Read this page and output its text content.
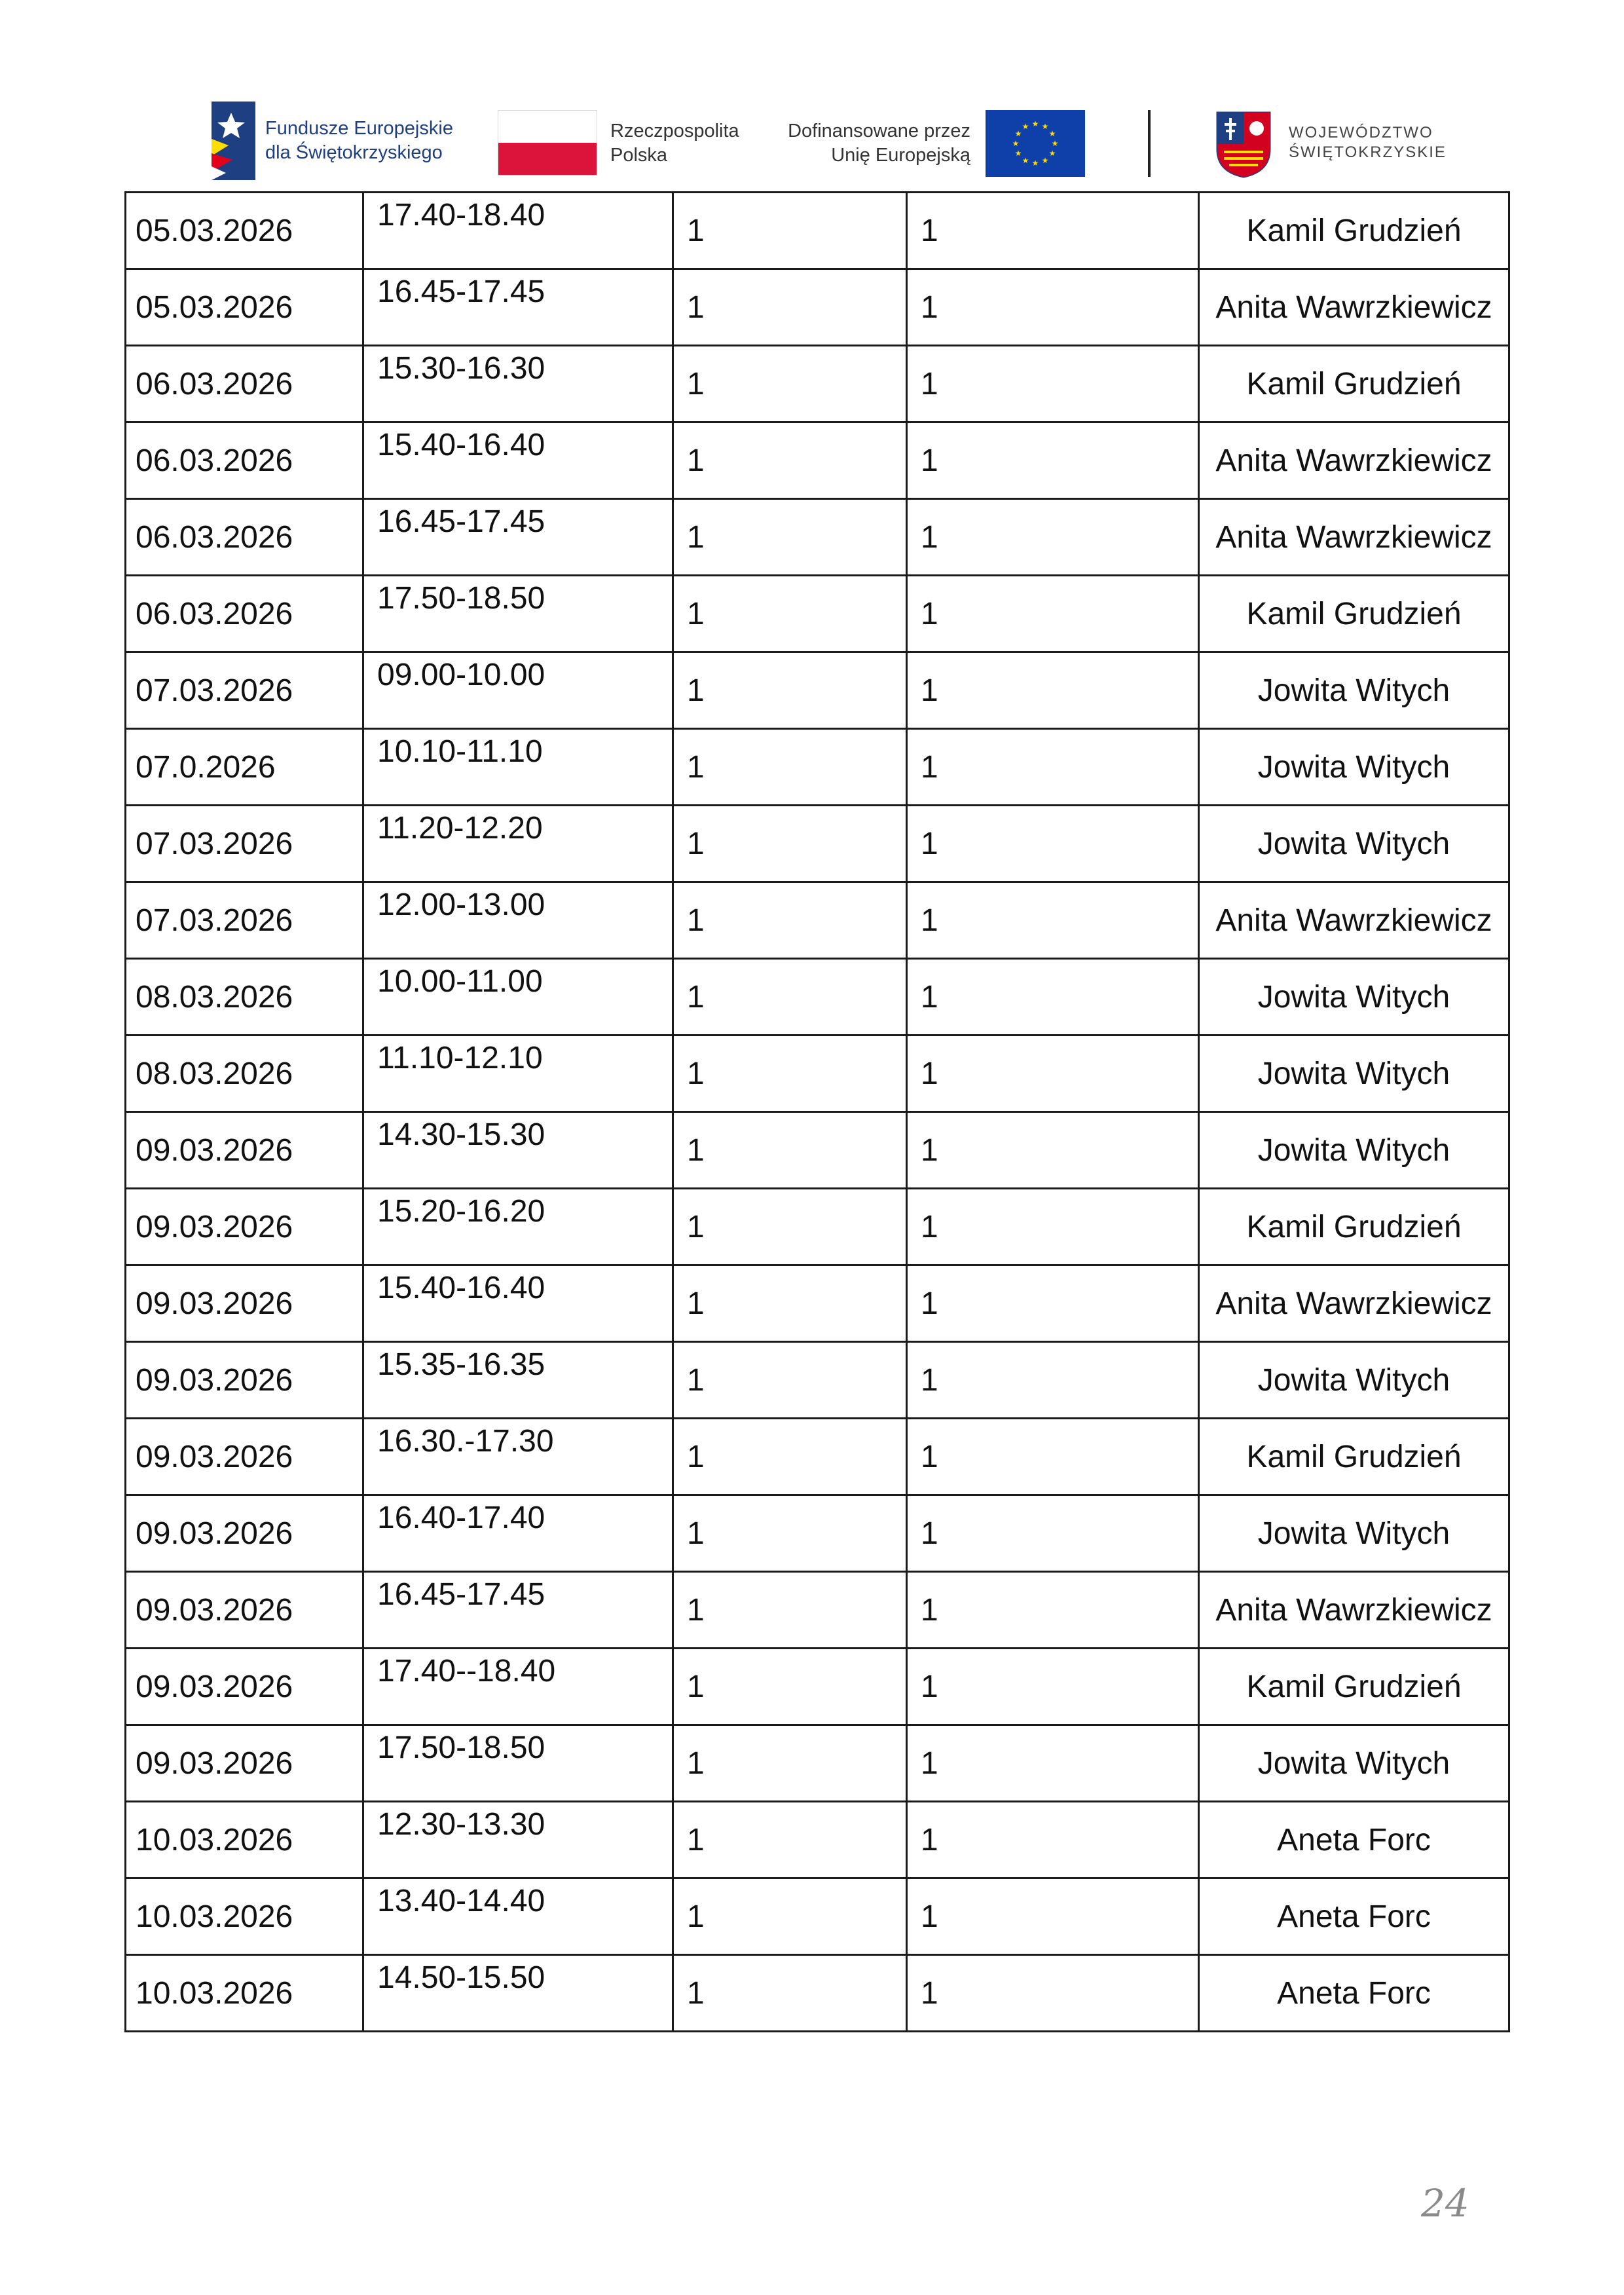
Fundusze Europejskie
dla Świętokrzyskiego
Rzeczpospolita
Polska
Dofinansowane przez
Unię Europejską
★ ★
★
★
★
★
★
★
★
★
★
★	WOJEWÓDZTWO
ŚWIĘTOKRZYSKIE
05.03.2026	17.40-18.40	1	1	Kamil Grudzień
05.03.2026	16.45-17.45	1	1	Anita Wawrzkiewicz
06.03.2026	15.30-16.30	1	1	Kamil Grudzień
06.03.2026	15.40-16.40	1	1	Anita Wawrzkiewicz
06.03.2026	16.45-17.45	1	1	Anita Wawrzkiewicz
06.03.2026	17.50-18.50	1	1	Kamil Grudzień
07.03.2026	09.00-10.00	1	1	Jowita Witych
07.0.2026	10.10-11.10	1	1	Jowita Witych
07.03.2026	11.20-12.20	1	1	Jowita Witych
07.03.2026	12.00-13.00	1	1	Anita Wawrzkiewicz
08.03.2026	10.00-11.00	1	1	Jowita Witych
08.03.2026	11.10-12.10	1	1	Jowita Witych
09.03.2026	14.30-15.30	1	1	Jowita Witych
09.03.2026	15.20-16.20	1	1	Kamil Grudzień
09.03.2026	15.40-16.40	1	1	Anita Wawrzkiewicz
09.03.2026	15.35-16.35	1	1	Jowita Witych
09.03.2026	16.30.-17.30	1	1	Kamil Grudzień
09.03.2026	16.40-17.40	1	1	Jowita Witych
09.03.2026	16.45-17.45	1	1	Anita Wawrzkiewicz
09.03.2026	17.40--18.40	1	1	Kamil Grudzień
09.03.2026	17.50-18.50	1	1	Jowita Witych
10.03.2026	12.30-13.30	1	1	Aneta Forc
10.03.2026	13.40-14.40	1	1	Aneta Forc
10.03.2026	14.50-15.50	1	1	Aneta Forc
24
